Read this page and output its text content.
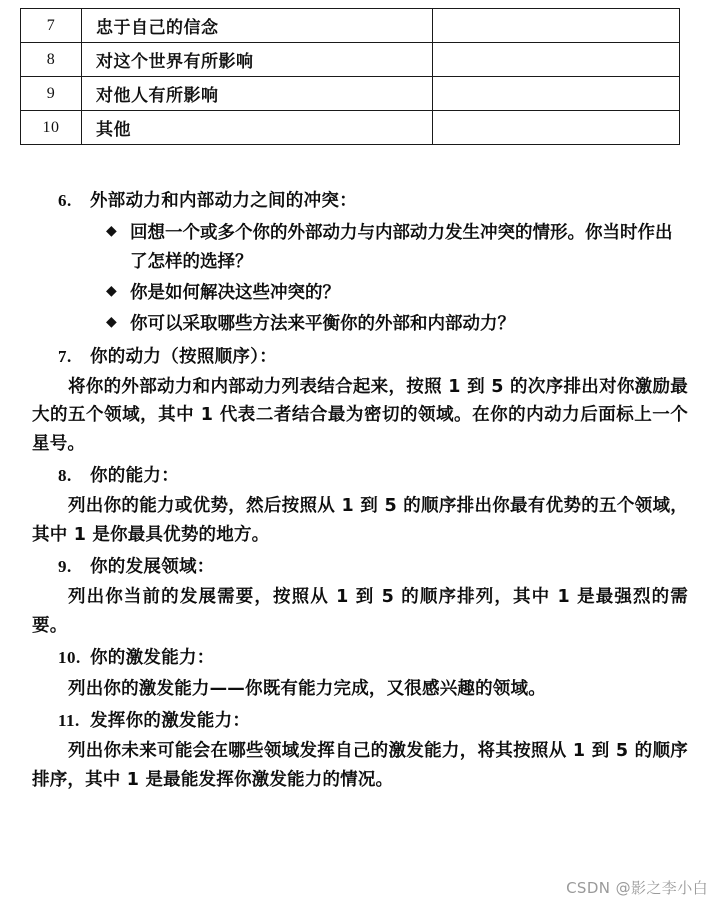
7	忠于自己的信念	
8	对这个世界有所影响	
9	对他人有所影响	
10	其他	
6.	外部动力和内部动力之间的冲突：
◆ 回想一个或多个你的外部动力与内部动力发生冲突的情形。你当时作出了怎样的选择？
◆ 你是如何解决这些冲突的？
◆ 你可以采取哪些方法来平衡你的外部和内部动力？
7.	你的动力（按照顺序）：

将你的外部动力和内部动力列表结合起来，按照 1 到 5 的次序排出对你激励最大的五个领域，其中 1 代表二者结合最为密切的领域。在你的内动力后面标上一个星号。

8.	你的能力：

列出你的能力或优势，然后按照从 1 到 5 的顺序排出你最有优势的五个领域，其中 1 是你最具优势的地方。

9.	你的发展领域：

列出你当前的发展需要，按照从 1 到 5 的顺序排列，其中 1 是最强烈的需要。

10. 你的激发能力：

列出你的激发能力——你既有能力完成，又很感兴趣的领域。

11. 发挥你的激发能力：

列出你未来可能会在哪些领域发挥自己的激发能力，将其按照从 1 到 5 的顺序排序，其中 1 是最能发挥你激发能力的情况。

CSDN @影之李小白
